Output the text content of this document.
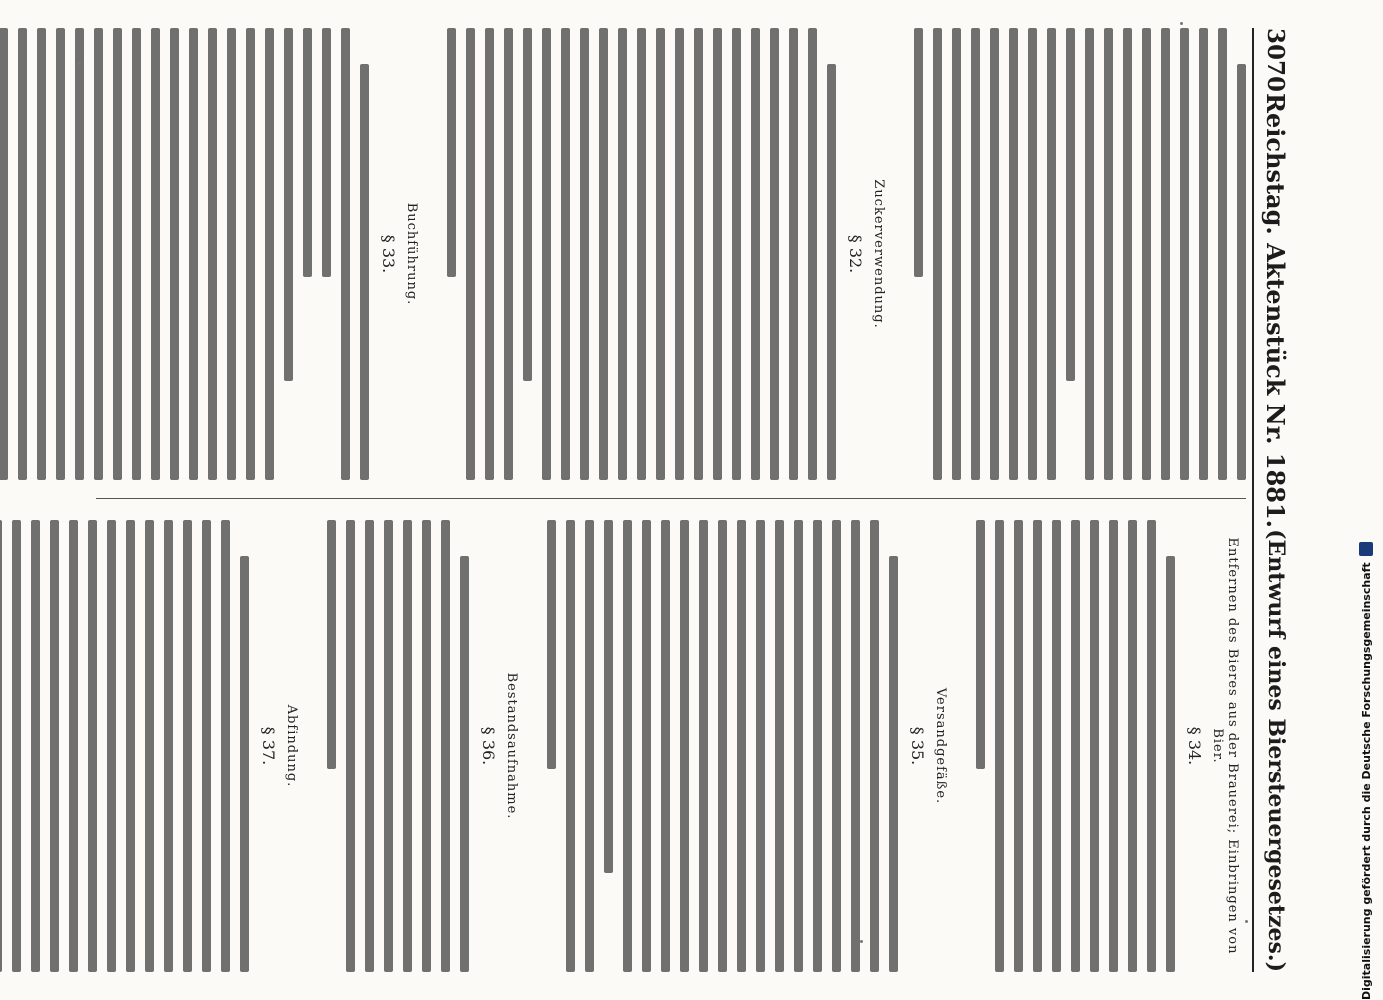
3070
Reichstag. Aktenstück Nr. 1881.
(Entwurf eines Biersteuergesetzes.)
Zuckerverwendung.
§ 32.
Buchführung.
§ 33.
Entfernen des Bieres aus der Brauerei; Einbringen von Bier.
§ 34.
Versandgefäße.
§ 35.
Bestandsaufnahme.
§ 36.
Abfindung.
§ 37.	Digitalisierung gefördert durch die Deutsche Forschungsgemeinschaft
